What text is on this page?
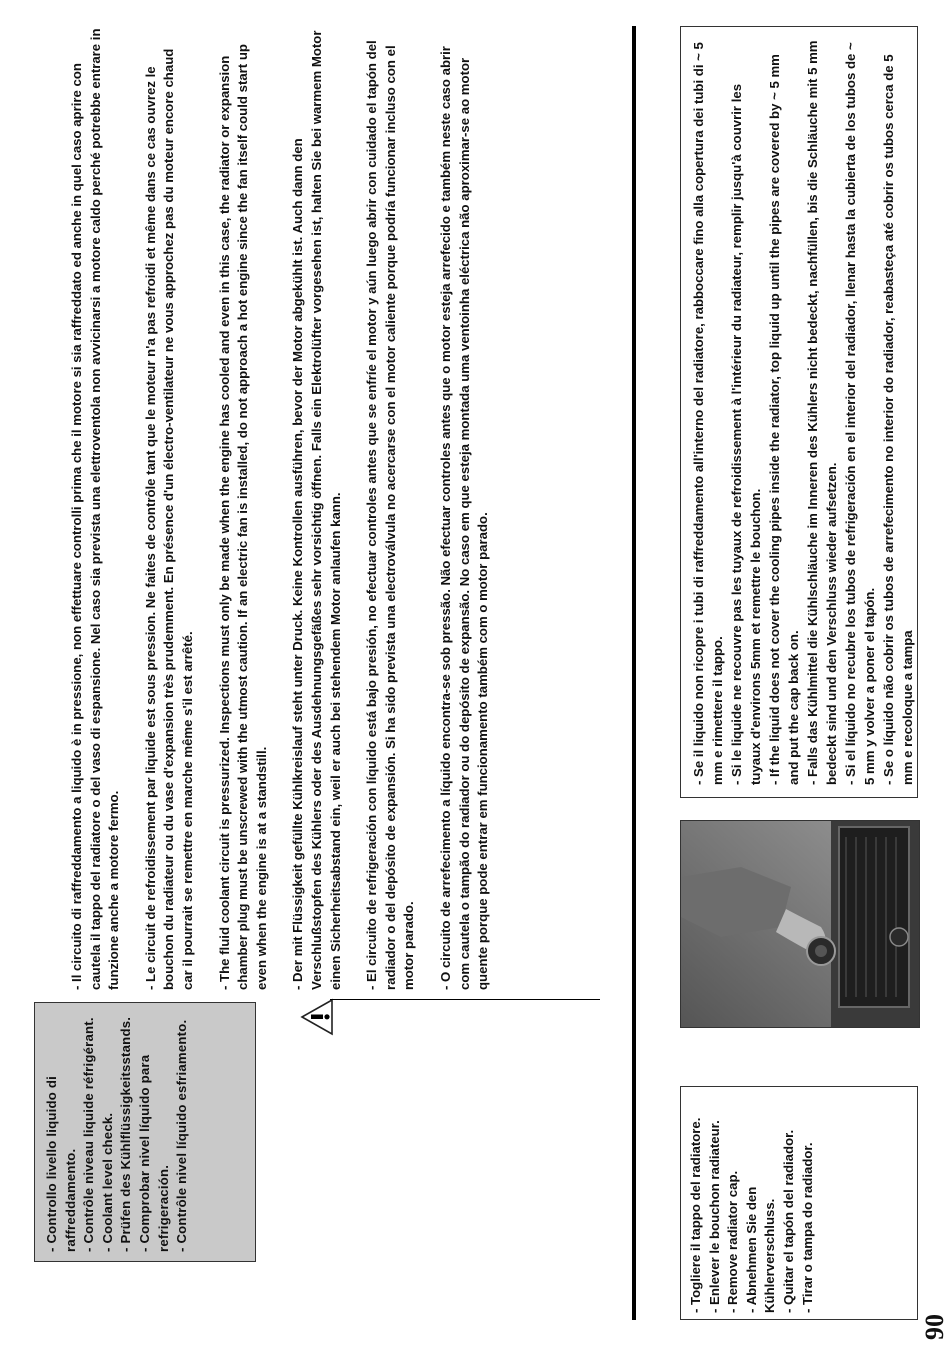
- Controllo livello liquido di raffreddamento. - Contrôle niveau liquide réfrigérant. - Coolant level check. - Prüfen des Kühlflüssigkeitsstands. - Comprobar nivel líquido para refrigeración. - Contrôle nivel líquido esfriamento.

- Il circuito di raffreddamento a liquido è in pressione, non effettuare controlli prima che il motore si sia raffreddato ed anche in quel caso aprire con cautela il tappo del radiatore o del vaso di espansione. Nel caso sia prevista una elettroventola non avvicinarsi a motore caldo perché potrebbe entrare in funzione anche a motore fermo. - Le circuit de refroidissement par liquide est sous pression. Ne faites de contrôle tant que le moteur n'a pas refroidi et même dans ce cas ouvrez le bouchon du radiateur ou du vase d'expansion très prudemment. En présence d'un électro-ventilateur ne vous approchez pas du moteur encore chaud car il pourrait se remettre en marche même s'il est arrêté. - The fluid coolant circuit is pressurized. Inspections must only be made when the engine has cooled and even in this case, the radiator or expansion chamber plug must be unscrewed with the utmost caution. If an electric fan is installed, do not approach a hot engine since the fan itself could start up even when the engine is at a standstill. - Der mit Flüssigkeit gefüllte Kühlkreislauf steht unter Druck. Keine Kontrollen ausführen, bevor der Motor abgekühlt ist. Auch dann den Verschlußstopfen des Kühlers oder des Ausdehnungsgefäßes sehr vorsichtig öffnen. Falls ein Elektrolüfter vorgesehen ist, halten Sie bei warmem Motor einen Sicherheitsabstand ein, weil er auch bei stehendem Motor anlaufen kann. - El circuito de refrigeración con líquido está bajo presión, no efectuar controles antes que se enfríe el motor y aún luego abrir con cuidado el tapón del radiador o del depósito de expansión. Si ha sido prevista una electroválvula no acercarse con el motor caliente porque podría funcionar incluso con el motor parado. - O circuito de arrefecimento a líquido encontra-se sob pressão. Não efectuar controles antes que o motor esteja arrefecido e também neste caso abrir com cautela o tampão do radiador ou do depósito de expansão. No caso em que esteja montada uma ventoinha eléctrica não aproximar-se ao motor quente porque pode entrar em funcionamento também com o motor parado.

- Togliere il tappo del radiatore. - Enlever le bouchon radiateur. - Remove radiator cap. - Abnehmen Sie den Kühlerverschluss. - Quitar el tapón del radiador. - Tirar o tampa do radiador.

- Se il liquido non ricopre i tubi di raffreddamento all'interno del radiatore, rabboccare fino alla copertura dei tubi di ~ 5 mm e rimettere il tappo. - Si le liquide ne recouvre pas les tuyaux de refroidissement à l'intérieur du radiateur, remplir jusqu'à couvrir les tuyaux d'environs 5mm et remettre le bouchon. - If the liquid does not cover the cooling pipes inside the radiator, top liquid up until the pipes are covered by ~ 5 mm and put the cap back on. - Falls das Kühlmittel die Kühlschläuche im Inneren des Kühlers nicht bedeckt, nachfüllen, bis die Schläuche mit 5 mm bedeckt sind und den Verschluss wieder aufsetzen. - Si el líquido no recubre los tubos de refrigeración en el interior del radiador, llenar hasta la cubierta de los tubos de ~ 5 mm y volver a poner el tapón. - Se o líquido não cobrir os tubos de arrefecimento no interior do radiador, reabasteça até cobrir os tubos cerca de 5 mm e recoloque a tampa

90
